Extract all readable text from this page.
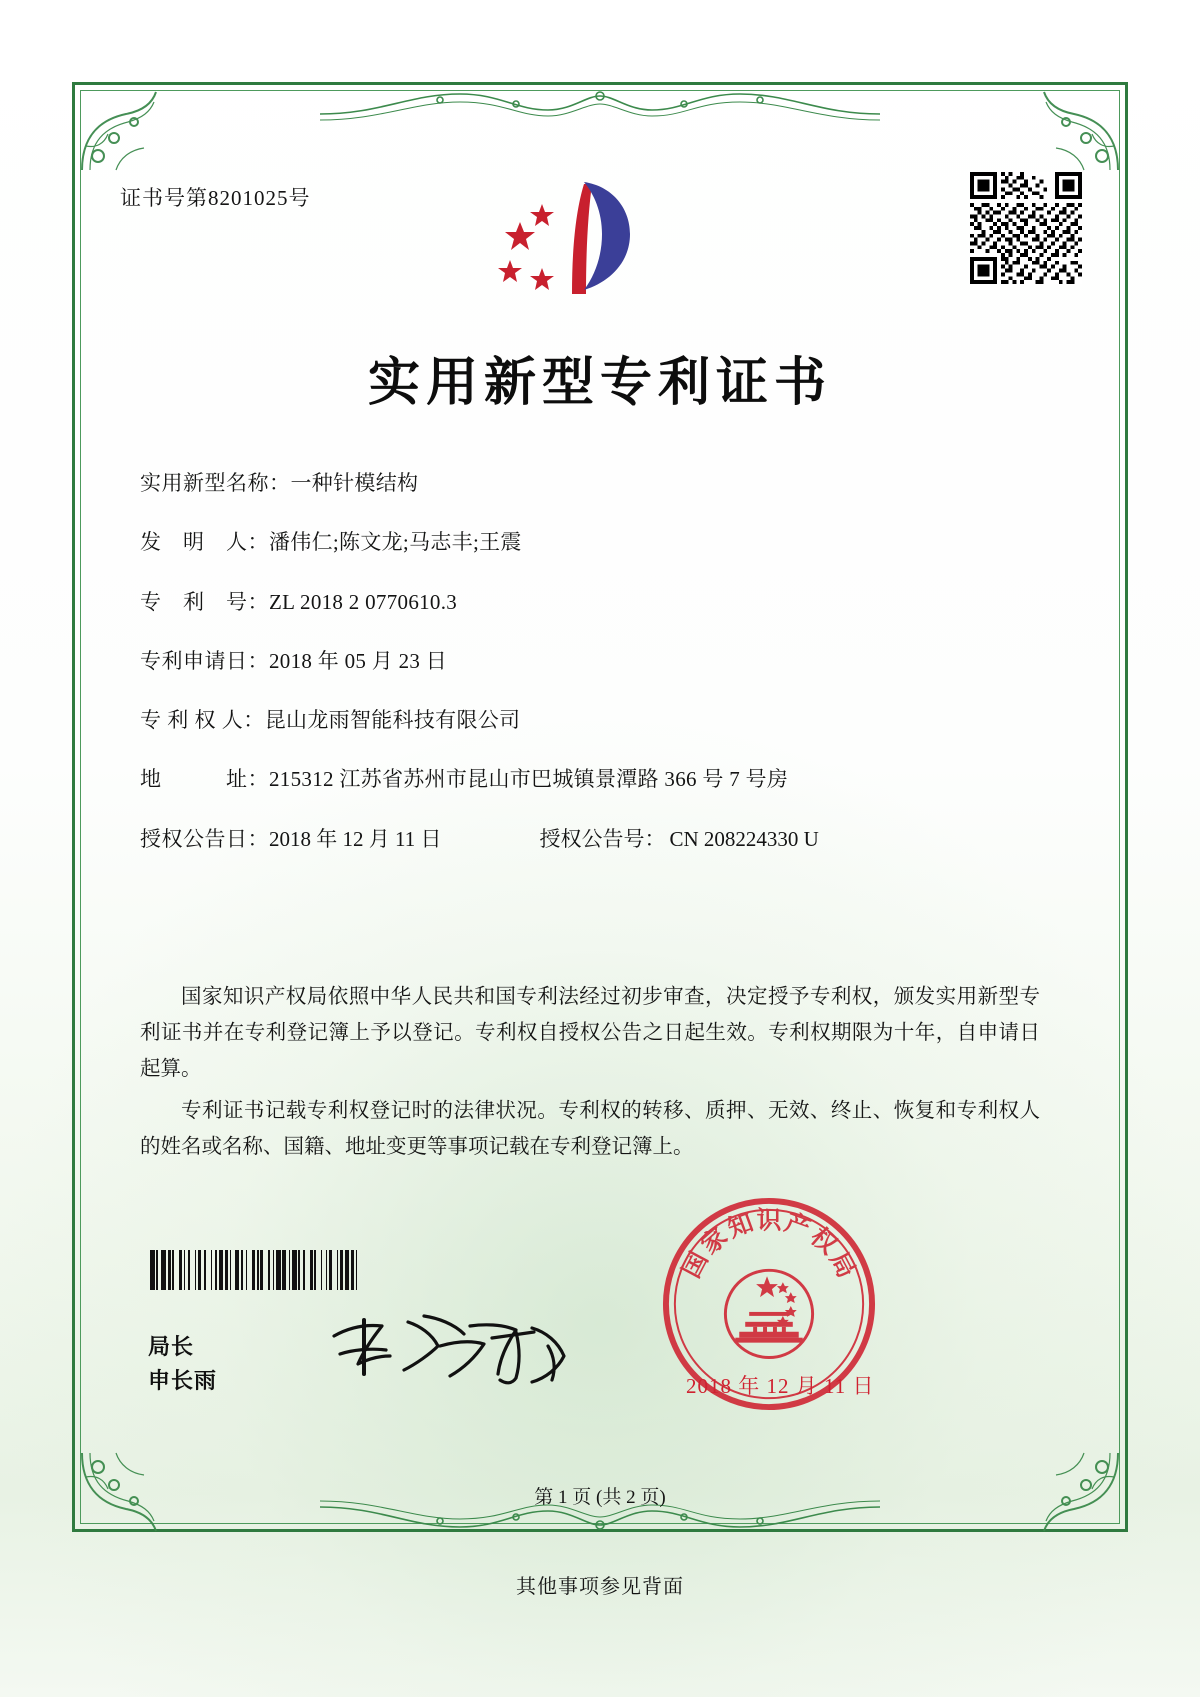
证书号第8201025号
实用新型专利证书
实用新型名称： 一种针模结构
发　明　人： 潘伟仁;陈文龙;马志丰;王震
专　利　号： ZL 2018 2 0770610.3
专利申请日： 2018 年 05 月 23 日
专 利 权 人： 昆山龙雨智能科技有限公司
地　　　址： 215312 江苏省苏州市昆山市巴城镇景潭路 366 号 7 号房
授权公告日： 2018 年 12 月 11 日	授权公告号： CN 208224330 U

国家知识产权局依照中华人民共和国专利法经过初步审查，决定授予专利权，颁发实用新型专利证书并在专利登记簿上予以登记。专利权自授权公告之日起生效。专利权期限为十年，自申请日起算。

专利证书记载专利权登记时的法律状况。专利权的转移、质押、无效、终止、恢复和专利权人的姓名或名称、国籍、地址变更等事项记载在专利登记簿上。

局长
申长雨
国
家
知 识 产
权
局
2018 年 12 月 11 日
第 1 页 (共 2 页)
其他事项参见背面
